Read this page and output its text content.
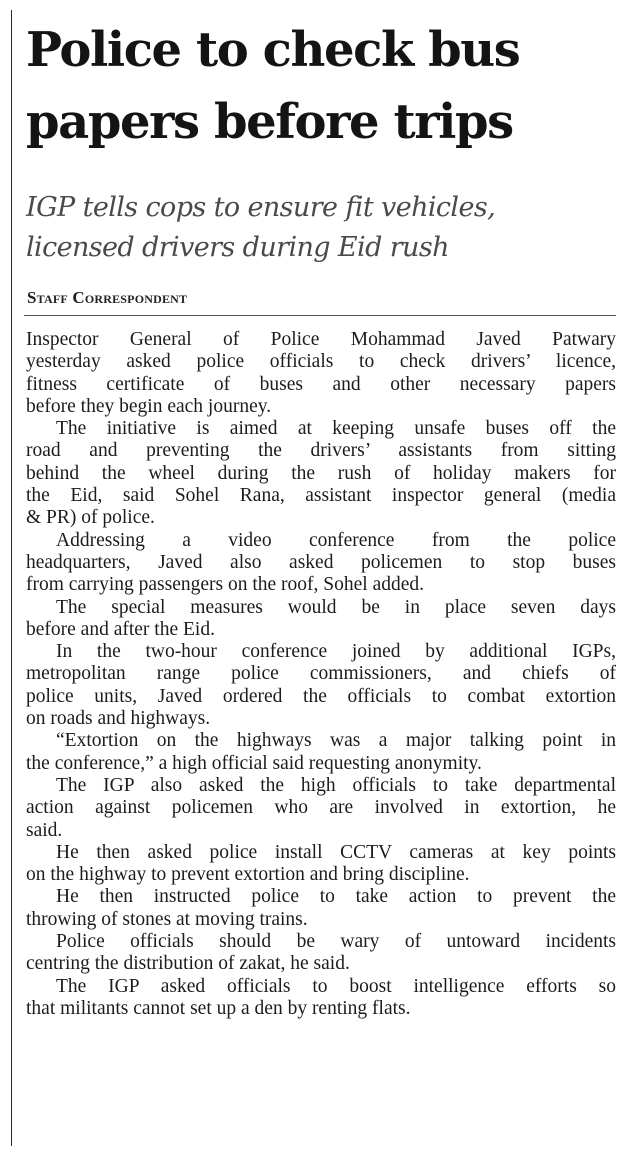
Police to check bus
papers before trips
IGP tells cops to ensure fit vehicles,
licensed drivers during Eid rush
Staff Correspondent

Inspector General of Police Mohammad Javed Patwary
yesterday asked police officials to check drivers’ licence,
fitness certificate of buses and other necessary papers
before they begin each journey.

The initiative is aimed at keeping unsafe buses off the
road and preventing the drivers’ assistants from sitting
behind the wheel during the rush of holiday makers for
the Eid, said Sohel Rana, assistant inspector general (media
& PR) of police.

Addressing a video conference from the police
headquarters, Javed also asked policemen to stop buses
from carrying passengers on the roof, Sohel added.

The special measures would be in place seven days
before and after the Eid.

In the two-hour conference joined by additional IGPs,
metropolitan range police commissioners, and chiefs of
police units, Javed ordered the officials to combat extortion
on roads and highways.

“Extortion on the highways was a major talking point in
the conference,” a high official said requesting anonymity.

The IGP also asked the high officials to take departmental
action against policemen who are involved in extortion, he
said.

He then asked police install CCTV cameras at key points
on the highway to prevent extortion and bring discipline.

He then instructed police to take action to prevent the
throwing of stones at moving trains.

Police officials should be wary of untoward incidents
centring the distribution of zakat, he said.

The IGP asked officials to boost intelligence efforts so
that militants cannot set up a den by renting flats.
